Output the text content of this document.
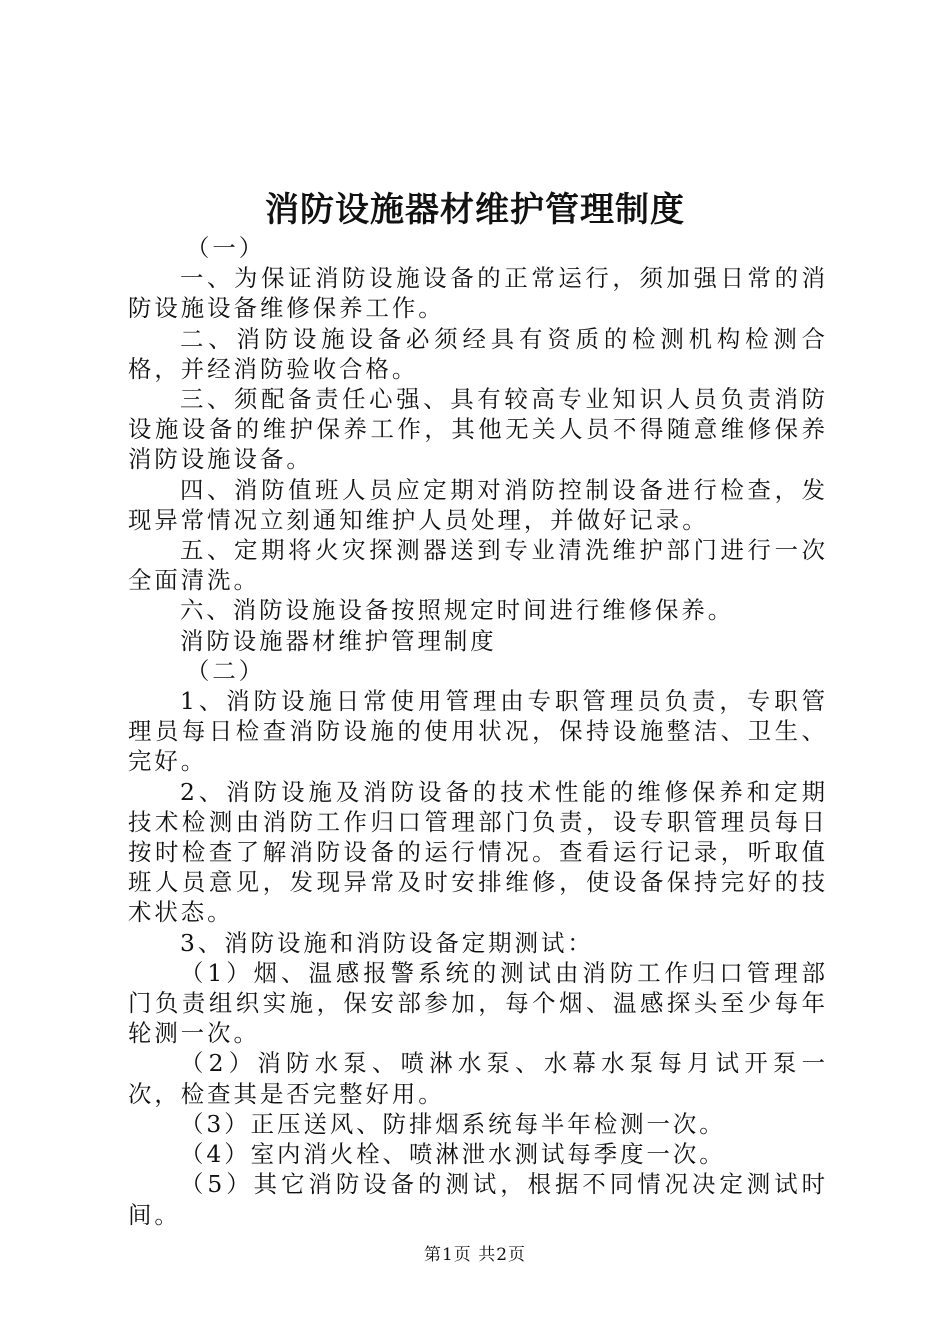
消防设施器材维护管理制度

（一）

一、为保证消防设施设备的正常运行，须加强日常的消防设施设备维修保养工作。

二、消防设施设备必须经具有资质的检测机构检测合格，并经消防验收合格。

三、须配备责任心强、具有较高专业知识人员负责消防设施设备的维护保养工作，其他无关人员不得随意维修保养消防设施设备。

四、消防值班人员应定期对消防控制设备进行检查，发现异常情况立刻通知维护人员处理，并做好记录。

五、定期将火灾探测器送到专业清洗维护部门进行一次全面清洗。

六、消防设施设备按照规定时间进行维修保养。

消防设施器材维护管理制度

（二）

1、消防设施日常使用管理由专职管理员负责，专职管理员每日检查消防设施的使用状况，保持设施整洁、卫生、完好。

2、消防设施及消防设备的技术性能的维修保养和定期技术检测由消防工作归口管理部门负责，设专职管理员每日按时检查了解消防设备的运行情况。查看运行记录，听取值班人员意见，发现异常及时安排维修，使设备保持完好的技术状态。

3、消防设施和消防设备定期测试：

（1）烟、温感报警系统的测试由消防工作归口管理部门负责组织实施，保安部参加，每个烟、温感探头至少每年轮测一次。

（2）消防水泵、喷淋水泵、水幕水泵每月试开泵一次，检查其是否完整好用。

（3）正压送风、防排烟系统每半年检测一次。

（4）室内消火栓、喷淋泄水测试每季度一次。

（5）其它消防设备的测试，根据不同情况决定测试时间。

第1页 共2页
